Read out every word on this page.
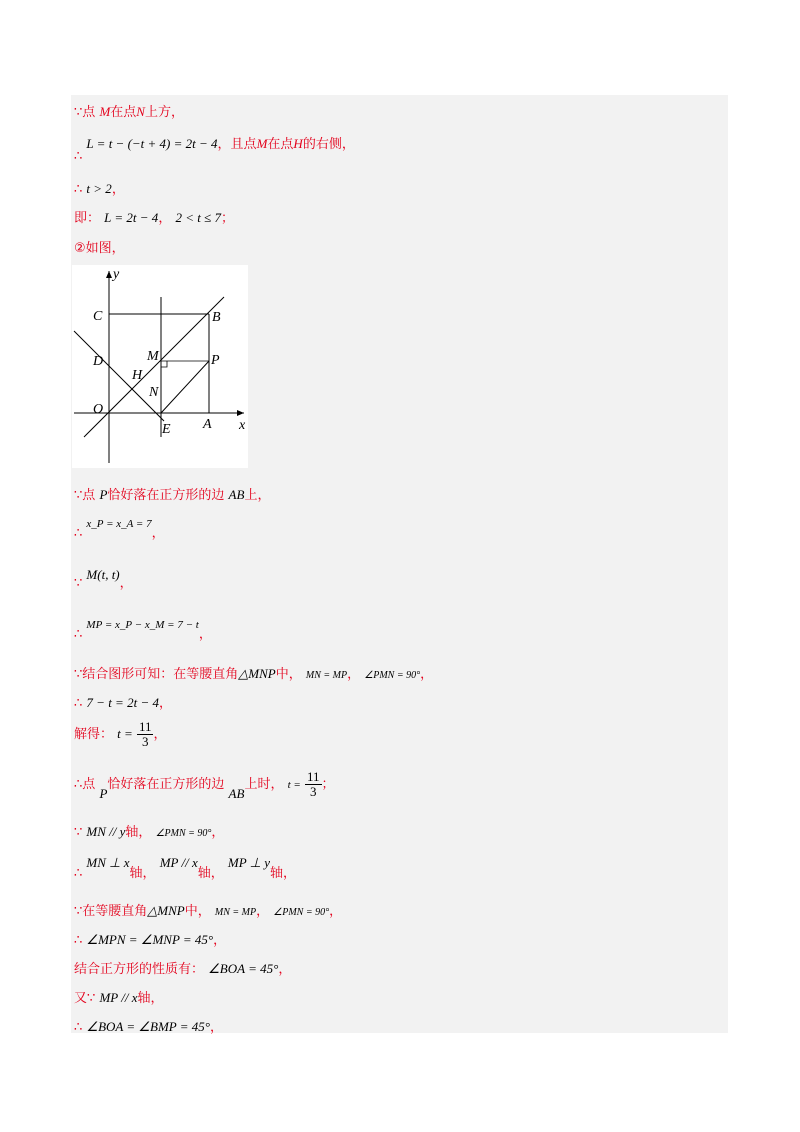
∵点 M在点N上方，
∴ L = t − (−t + 4) = 2t − 4，且点M在点H的右侧，
∴ t > 2，
即： L = 2t − 4， 2 < t ≤ 7；
②如图，
y
x
C	B
D	M	P
H
N
O
E A
∵点 P恰好落在正方形的边 AB上，
∴ x_P = x_A = 7，
∵ M(t, t)，
∴ MP = x_P − x_M = 7 − t，
∵结合图形可知：在等腰直角△MNP中， MN = MP， ∠PMN = 90°，
∴ 7 − t = 2t − 4，
解得： $t = \frac{11}{3}$ ，
∴点 P恰好落在正方形的边 AB上时， $t = \frac{11}{3}$ ；
∵ MN // y轴， ∠PMN = 90°，
∴ MN ⊥ x轴， MP // x轴， MP ⊥ y轴，
∵在等腰直角△MNP中， MN = MP， ∠PMN = 90°，
∴ ∠MPN = ∠MNP = 45°，
结合正方形的性质有： ∠BOA = 45°，
又∵ MP // x轴，
∴ ∠BOA = ∠BMP = 45°，
